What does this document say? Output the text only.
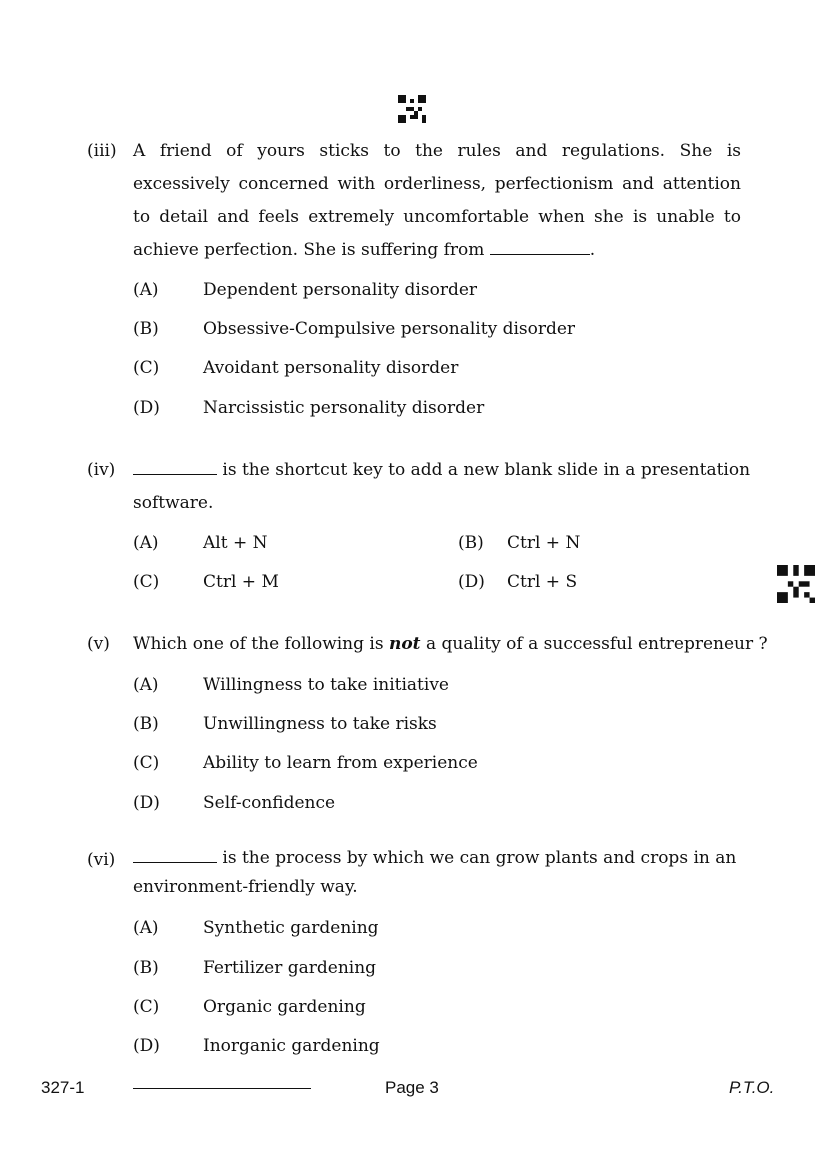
(iii) A friend of yours sticks to the rules and regulations. She is excessively concerned with orderliness, perfectionism and attention to detail and feels extremely uncomfortable when she is unable to achieve perfection. She is suffering from	.
(A)	Dependent personality disorder
(B)	Obsessive-Compulsive personality disorder
(C)	Avoidant personality disorder
(D)	Narcissistic personality disorder
(iv)	is the shortcut key to add a new blank slide in a presentation software.
(A)	Alt + N	(B) Ctrl + N
(C)	Ctrl + M	(D) Ctrl + S
(v) Which one of the following is not a quality of a successful entrepreneur ?
(A)	Willingness to take initiative
(B)	Unwillingness to take risks
(C)	Ability to learn from experience
(D)	Self-confidence
(vi)	is the process by which we can grow plants and crops in an environment-friendly way.
(A)	Synthetic gardening
(B)	Fertilizer gardening
(C)	Organic gardening
(D)	Inorganic gardening
327-1	Page 3	P.T.O.
